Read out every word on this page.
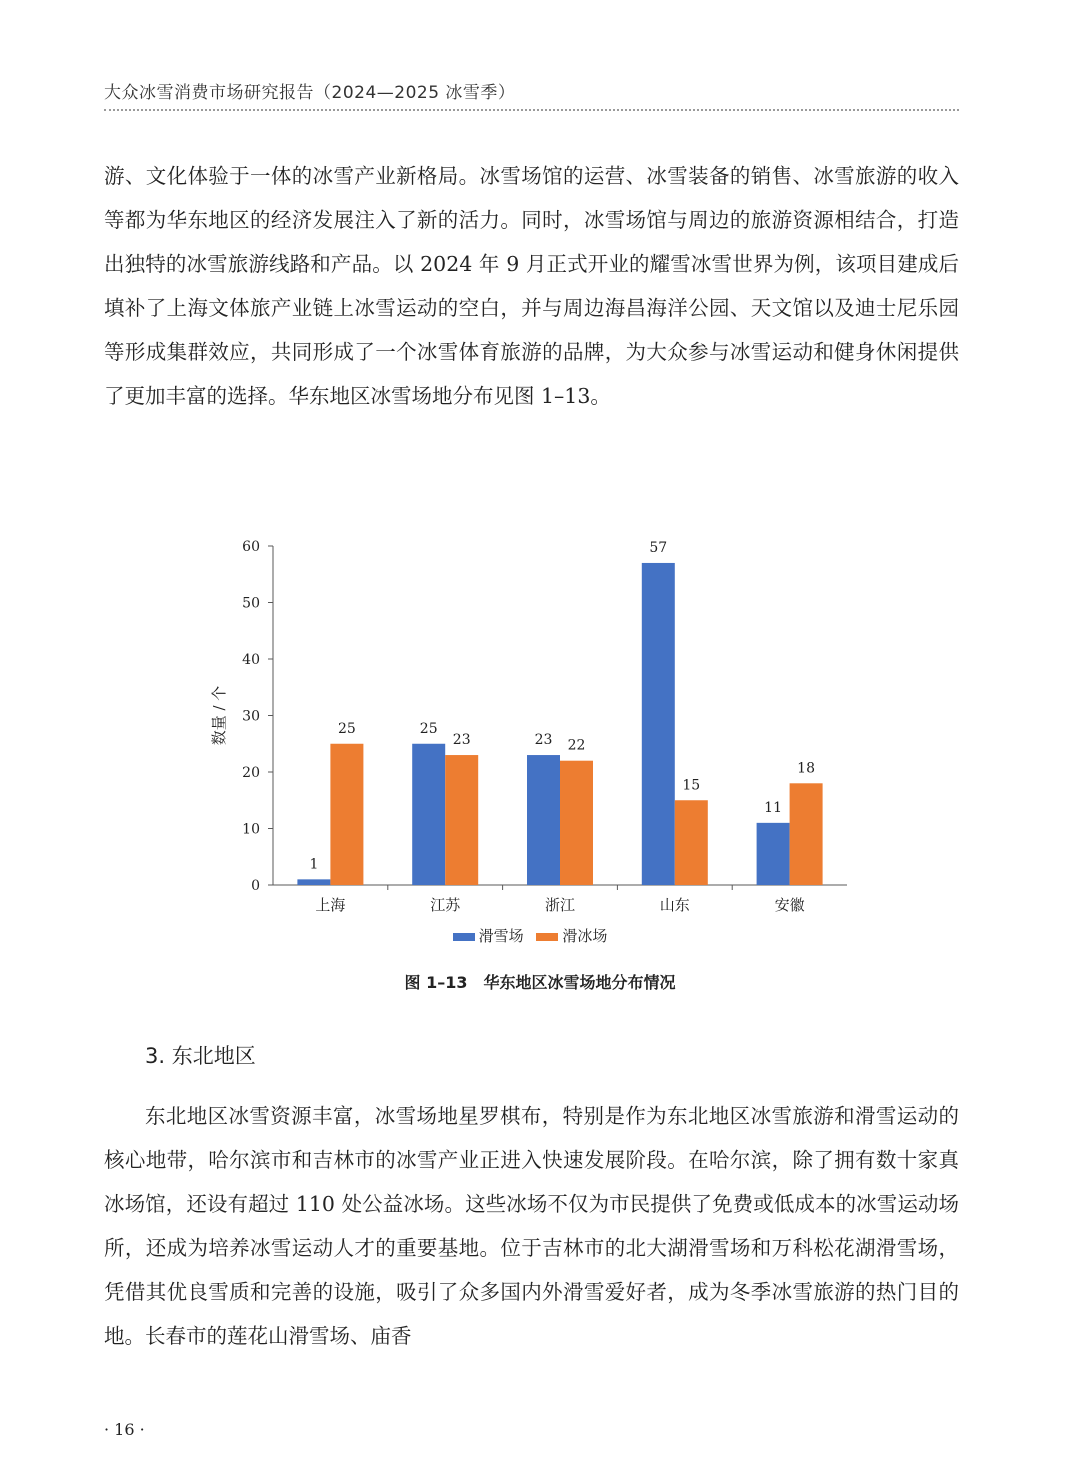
大众冰雪消费市场研究报告（2024—2025 冰雪季）

游、文化体验于一体的冰雪产业新格局。冰雪场馆的运营、冰雪装备的销售、冰雪旅游的收入等都为华东地区的经济发展注入了新的活力。同时，冰雪场馆与周边的旅游资源相结合，打造出独特的冰雪旅游线路和产品。以 2024 年 9 月正式开业的耀雪冰雪世界为例，该项目建成后填补了上海文体旅产业链上冰雪运动的空白，并与周边海昌海洋公园、天文馆以及迪士尼乐园等形成集群效应，共同形成了一个冰雪体育旅游的品牌，为大众参与冰雪运动和健身休闲提供了更加丰富的选择。华东地区冰雪场地分布见图 1–13。

0
10
20
30
40
50
60
数量 / 个
1
25
上海
25
23
江苏
23 22
浙江
57
15
山东
11
18
安徽
滑雪场	滑冰场
图 1–13　华东地区冰雪场地分布情况
3. 东北地区

东北地区冰雪资源丰富，冰雪场地星罗棋布，特别是作为东北地区冰雪旅游和滑雪运动的核心地带，哈尔滨市和吉林市的冰雪产业正进入快速发展阶段。在哈尔滨，除了拥有数十家真冰场馆，还设有超过 110 处公益冰场。这些冰场不仅为市民提供了免费或低成本的冰雪运动场所，还成为培养冰雪运动人才的重要基地。位于吉林市的北大湖滑雪场和万科松花湖滑雪场，凭借其优良雪质和完善的设施，吸引了众多国内外滑雪爱好者，成为冬季冰雪旅游的热门目的地。长春市的莲花山滑雪场、庙香

· 16 ·
